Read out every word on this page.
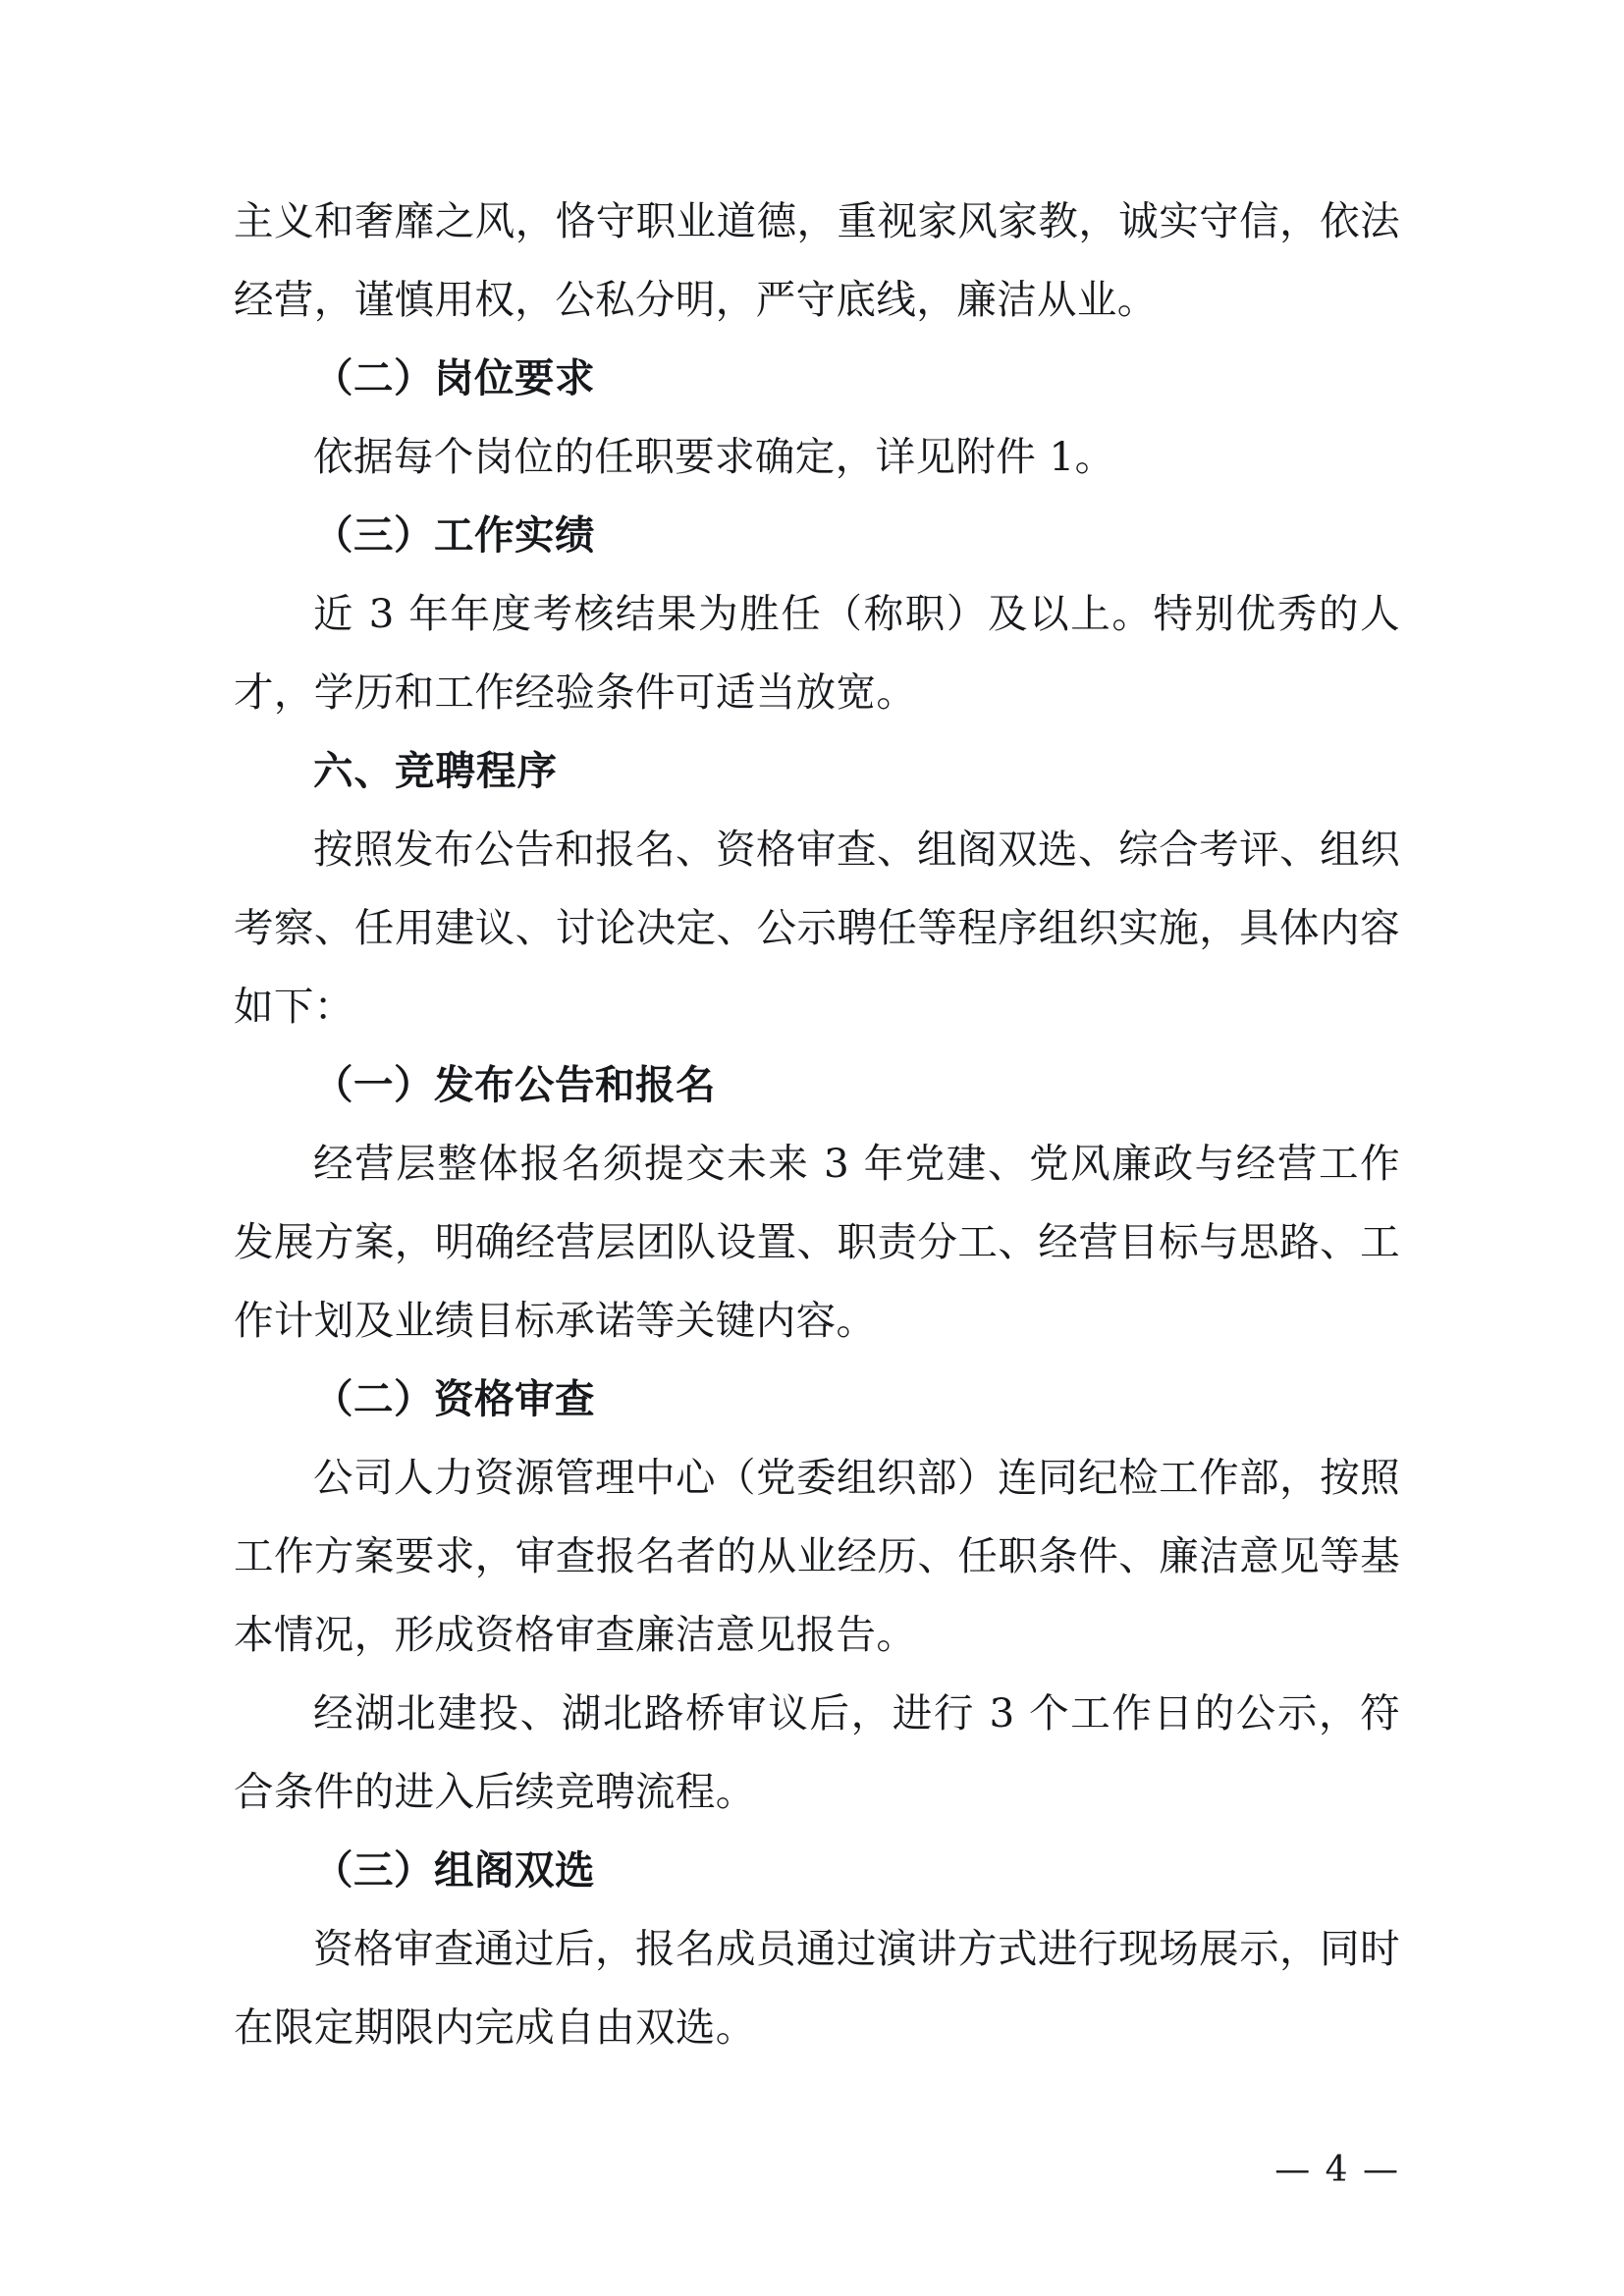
主义和奢靡之风，恪守职业道德，重视家风家教，诚实守信，依法经营，谨慎用权，公私分明，严守底线，廉洁从业。

（二）岗位要求

依据每个岗位的任职要求确定，详见附件 1。

（三）工作实绩

近 3 年年度考核结果为胜任（称职）及以上。特别优秀的人才，学历和工作经验条件可适当放宽。

六、竞聘程序

按照发布公告和报名、资格审查、组阁双选、综合考评、组织考察、任用建议、讨论决定、公示聘任等程序组织实施，具体内容如下：

（一）发布公告和报名

经营层整体报名须提交未来 3 年党建、党风廉政与经营工作发展方案，明确经营层团队设置、职责分工、经营目标与思路、工作计划及业绩目标承诺等关键内容。

（二）资格审查

公司人力资源管理中心（党委组织部）连同纪检工作部，按照工作方案要求，审查报名者的从业经历、任职条件、廉洁意见等基本情况，形成资格审查廉洁意见报告。

经湖北建投、湖北路桥审议后，进行 3 个工作日的公示，符合条件的进入后续竞聘流程。

（三）组阁双选

资格审查通过后，报名成员通过演讲方式进行现场展示，同时在限定期限内完成自由双选。

— 4 —
